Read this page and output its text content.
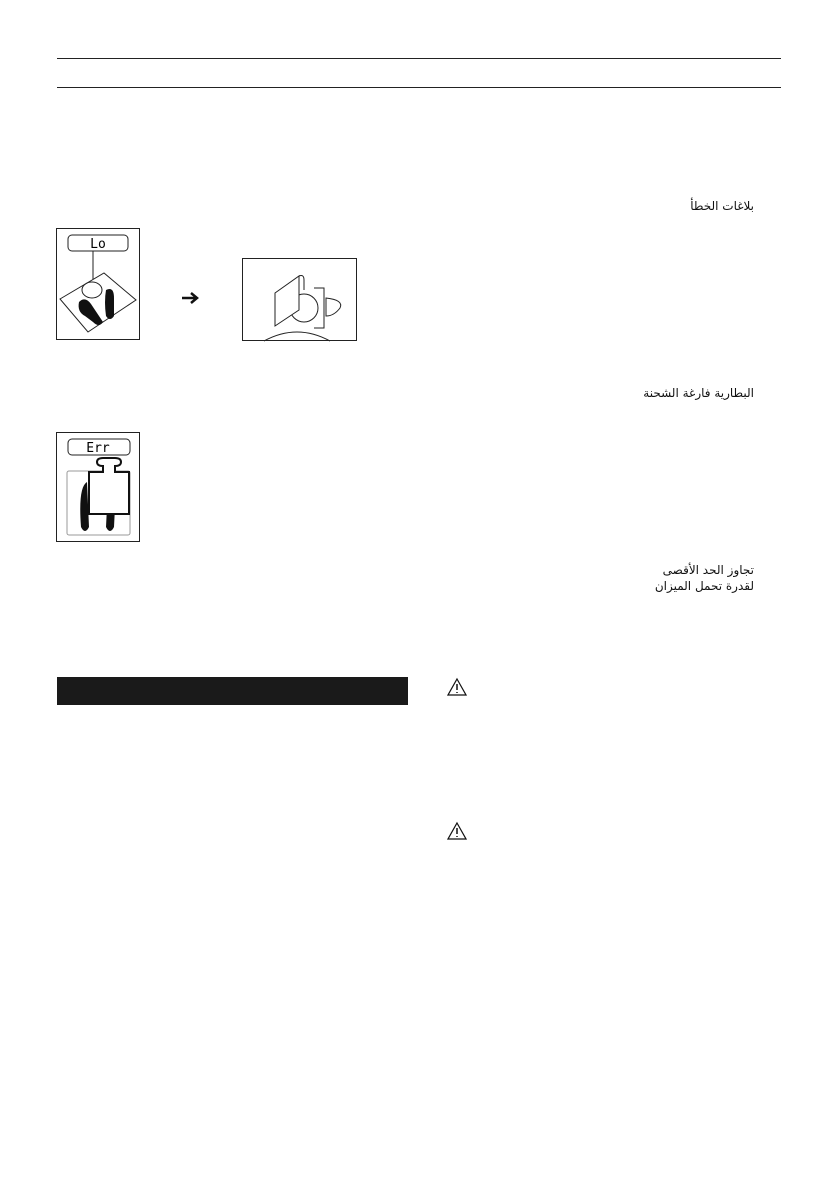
بلاغات الخطأ
البطارية فارغة الشحنة
تجاوز الحد الأقصى
لقدرة تحمل الميزان
Lo
Err
